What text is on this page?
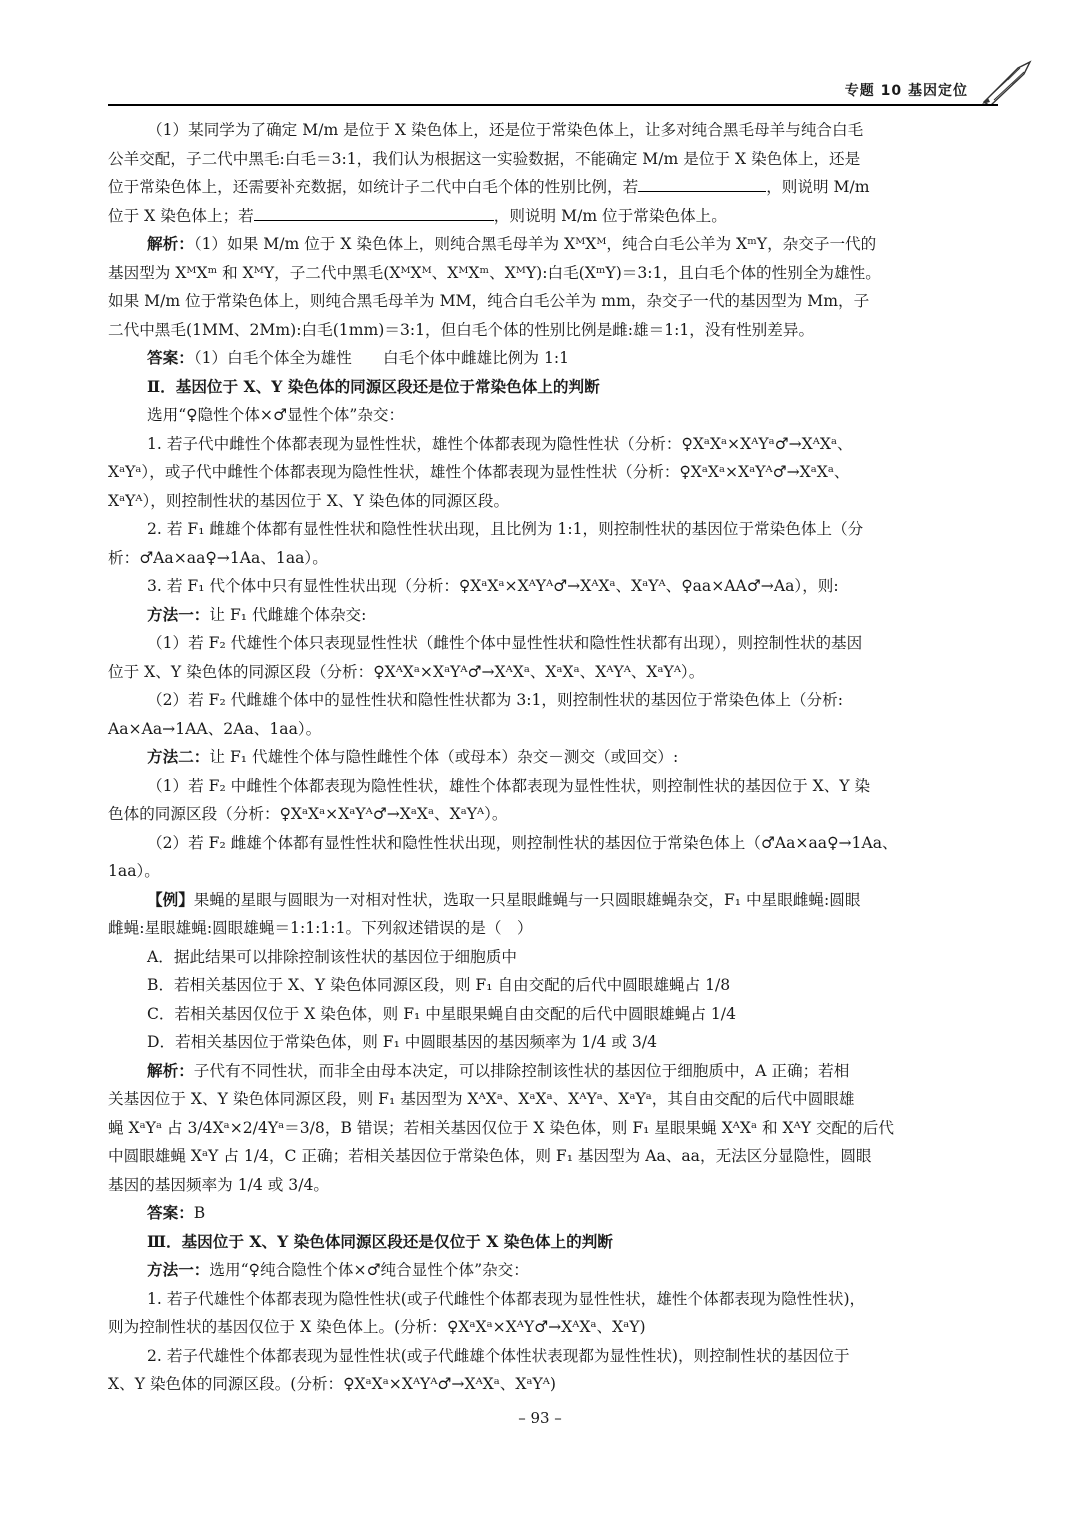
专题 10 基因定位

（1）某同学为了确定 M/m 是位于 X 染色体上，还是位于常染色体上，让多对纯合黑毛母羊与纯合白毛

公羊交配，子二代中黑毛:白毛＝3:1，我们认为根据这一实验数据，不能确定 M/m 是位于 X 染色体上，还是

位于常染色体上，还需要补充数据，如统计子二代中白毛个体的性别比例，若	，则说明 M/m

位于 X 染色体上；若	，则说明 M/m 位于常染色体上。

解析：（1）如果 M/m 位于 X 染色体上，则纯合黑毛母羊为 XᴹXᴹ，纯合白毛公羊为 XᵐY，杂交子一代的

基因型为 XᴹXᵐ 和 XᴹY，子二代中黑毛(XᴹXᴹ、XᴹXᵐ、XᴹY):白毛(XᵐY)＝3:1，且白毛个体的性别全为雄性。

如果 M/m 位于常染色体上，则纯合黑毛母羊为 MM，纯合白毛公羊为 mm，杂交子一代的基因型为 Mm，子

二代中黑毛(1MM、2Mm):白毛(1mm)＝3:1，但白毛个体的性别比例是雌:雄＝1:1，没有性别差异。

答案：（1）白毛个体全为雄性　　白毛个体中雌雄比例为 1:1

Ⅱ．基因位于 X、Y 染色体的同源区段还是位于常染色体上的判断

选用“♀隐性个体×♂显性个体”杂交：

1. 若子代中雌性个体都表现为显性性状，雄性个体都表现为隐性性状（分析：♀XᵃXᵃ×XᴬYᵃ♂→XᴬXᵃ、

XᵃYᵃ），或子代中雌性个体都表现为隐性性状，雄性个体都表现为显性性状（分析：♀XᵃXᵃ×XᵃYᴬ♂→XᵃXᵃ、

XᵃYᴬ），则控制性状的基因位于 X、Y 染色体的同源区段。

2. 若 F₁ 雌雄个体都有显性性状和隐性性状出现，且比例为 1:1，则控制性状的基因位于常染色体上（分

析：♂Aa×aa♀→1Aa、1aa）。

3. 若 F₁ 代个体中只有显性性状出现（分析：♀XᵃXᵃ×XᴬYᴬ♂→XᴬXᵃ、XᵃYᴬ、♀aa×AA♂→Aa），则:

方法一：让 F₁ 代雌雄个体杂交:

（1）若 F₂ 代雄性个体只表现显性性状（雌性个体中显性性状和隐性性状都有出现），则控制性状的基因

位于 X、Y 染色体的同源区段（分析：♀XᴬXᵃ×XᵃYᴬ♂→XᴬXᵃ、XᵃXᵃ、XᴬYᴬ、XᵃYᴬ）。

（2）若 F₂ 代雌雄个体中的显性性状和隐性性状都为 3:1，则控制性状的基因位于常染色体上（分析:

Aa×Aa→1AA、2Aa、1aa）。

方法二：让 F₁ 代雄性个体与隐性雌性个体（或母本）杂交－测交（或回交）:

（1）若 F₂ 中雌性个体都表现为隐性性状，雄性个体都表现为显性性状，则控制性状的基因位于 X、Y 染

色体的同源区段（分析：♀XᵃXᵃ×XᵃYᴬ♂→XᵃXᵃ、XᵃYᴬ）。

（2）若 F₂ 雌雄个体都有显性性状和隐性性状出现，则控制性状的基因位于常染色体上（♂Aa×aa♀→1Aa、

1aa）。

【例】果蝇的星眼与圆眼为一对相对性状，选取一只星眼雌蝇与一只圆眼雄蝇杂交，F₁ 中星眼雌蝇:圆眼

雌蝇:星眼雄蝇:圆眼雄蝇＝1:1:1:1。下列叙述错误的是（　）

A．据此结果可以排除控制该性状的基因位于细胞质中

B．若相关基因位于 X、Y 染色体同源区段，则 F₁ 自由交配的后代中圆眼雄蝇占 1/8

C．若相关基因仅位于 X 染色体，则 F₁ 中星眼果蝇自由交配的后代中圆眼雄蝇占 1/4

D．若相关基因位于常染色体，则 F₁ 中圆眼基因的基因频率为 1/4 或 3/4

解析：子代有不同性状，而非全由母本决定，可以排除控制该性状的基因位于细胞质中，A 正确；若相

关基因位于 X、Y 染色体同源区段，则 F₁ 基因型为 XᴬXᵃ、XᵃXᵃ、XᴬYᵃ、XᵃYᵃ，其自由交配的后代中圆眼雄

蝇 XᵃYᵃ 占 3/4Xᵃ×2/4Yᵃ＝3/8，B 错误；若相关基因仅位于 X 染色体，则 F₁ 星眼果蝇 XᴬXᵃ 和 XᴬY 交配的后代

中圆眼雄蝇 XᵃY 占 1/4，C 正确；若相关基因位于常染色体，则 F₁ 基因型为 Aa、aa，无法区分显隐性，圆眼

基因的基因频率为 1/4 或 3/4。

答案：B

Ⅲ．基因位于 X、Y 染色体同源区段还是仅位于 X 染色体上的判断

方法一：选用“♀纯合隐性个体×♂纯合显性个体”杂交：

1. 若子代雄性个体都表现为隐性性状(或子代雌性个体都表现为显性性状，雄性个体都表现为隐性性状)，

则为控制性状的基因仅位于 X 染色体上。(分析：♀XᵃXᵃ×XᴬY♂→XᴬXᵃ、XᵃY)

2. 若子代雄性个体都表现为显性性状(或子代雌雄个体性状表现都为显性性状)，则控制性状的基因位于

X、Y 染色体的同源区段。(分析：♀XᵃXᵃ×XᴬYᴬ♂→XᴬXᵃ、XᵃYᴬ)

– 93 –
